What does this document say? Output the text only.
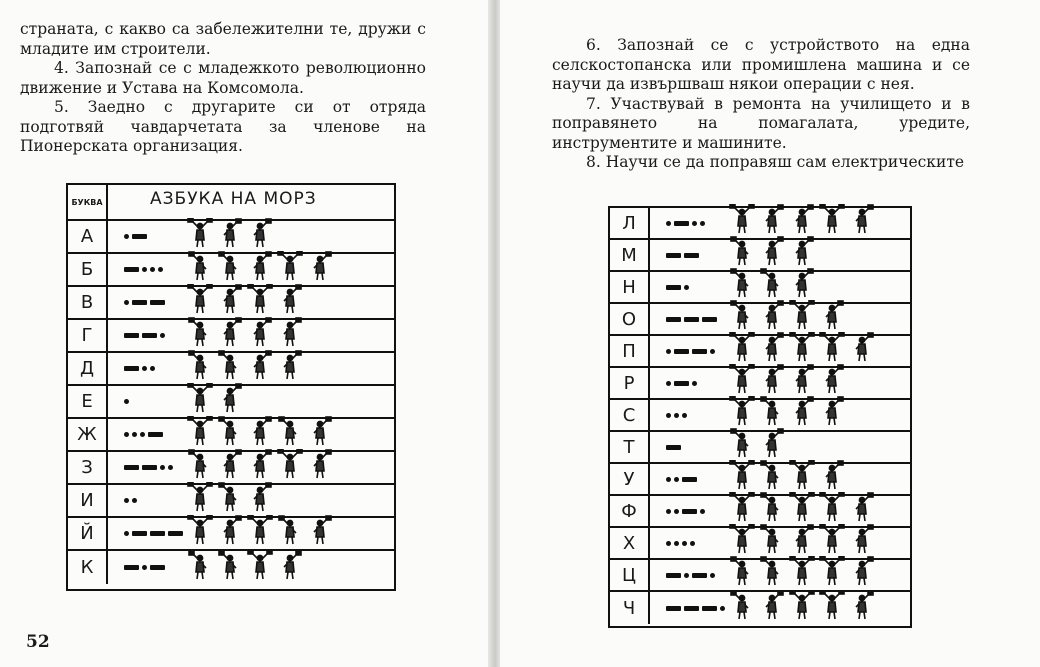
страната, с какво са забележителни те, дружи с младите им строители.

4. Запознай се с младежкото революционно движение и Устава на Комсомола.

5. Заедно с другарите си от отряда подготвяй чавдарчетата за членове на Пионерската организация.

БУКВА	АЗБУКА НА МОРЗ
А
Б
В
Г
Д
Е
Ж
З
И
Й
К
52

6. Запознай се с устройството на една селскостопанска или промишлена машина и се научи да извършваш някои операции с нея.

7. Участвувай в ремонта на училището и в поправянето на помагалата, уредите, инструментите и машините.

8. Научи се да поправяш сам електрическите

Л
М
Н
О
П
Р
С
Т
У
Ф
Х
Ц
Ч
